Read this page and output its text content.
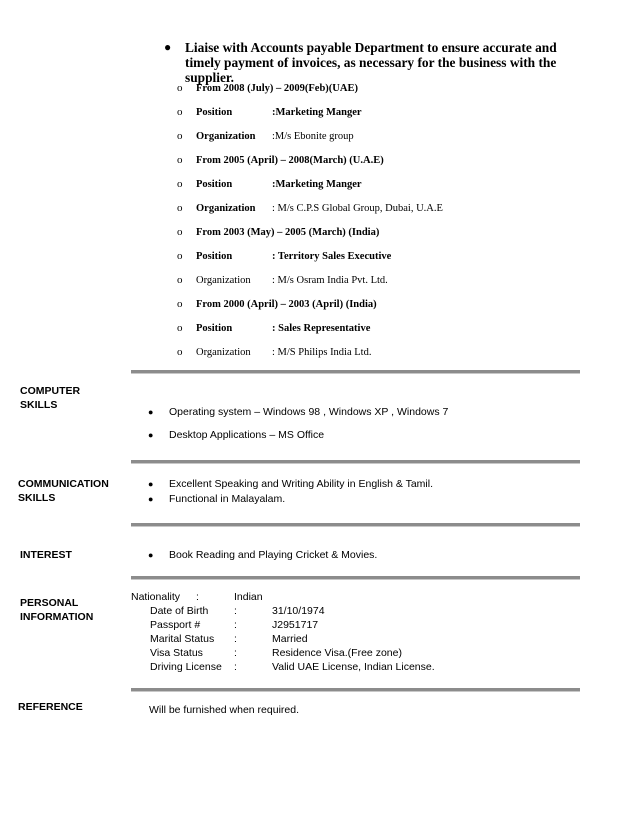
● Liaise with Accounts payable Department to ensure accurate and timely payment of invoices, as necessary for the business with the supplier.
o From 2008 (July) – 2009(Feb)(UAE)
o Position	:Marketing Manger
o Organization :M/s Ebonite group
o From 2005 (April) – 2008(March) (U.A.E)
o Position	:Marketing Manger
o Organization : M/s C.P.S Global Group, Dubai, U.A.E
o From 2003 (May) – 2005 (March) (India)
o Position	: Territory Sales Executive
o Organization : M/s Osram India Pvt. Ltd.
o From 2000 (April) – 2003 (April) (India)
o Position	: Sales Representative
o Organization : M/S Philips India Ltd.
COMPUTER
SKILLS
● Operating system – Windows 98 , Windows XP , Windows 7
● Desktop Applications – MS Office
COMMUNICATION
SKILLS
● Excellent Speaking and Writing Ability in English & Tamil.
● Functional in Malayalam.
INTEREST	● Book Reading and Playing Cricket & Movies.
PERSONAL
INFORMATION
Nationality :	Indian
Date of Birth :	31/10/1974
Passport #	:	J2951717
Marital Status :	Married
Visa Status	:	Residence Visa.(Free zone)
Driving License :	Valid UAE License, Indian License.
REFERENCE	Will be furnished when required.
